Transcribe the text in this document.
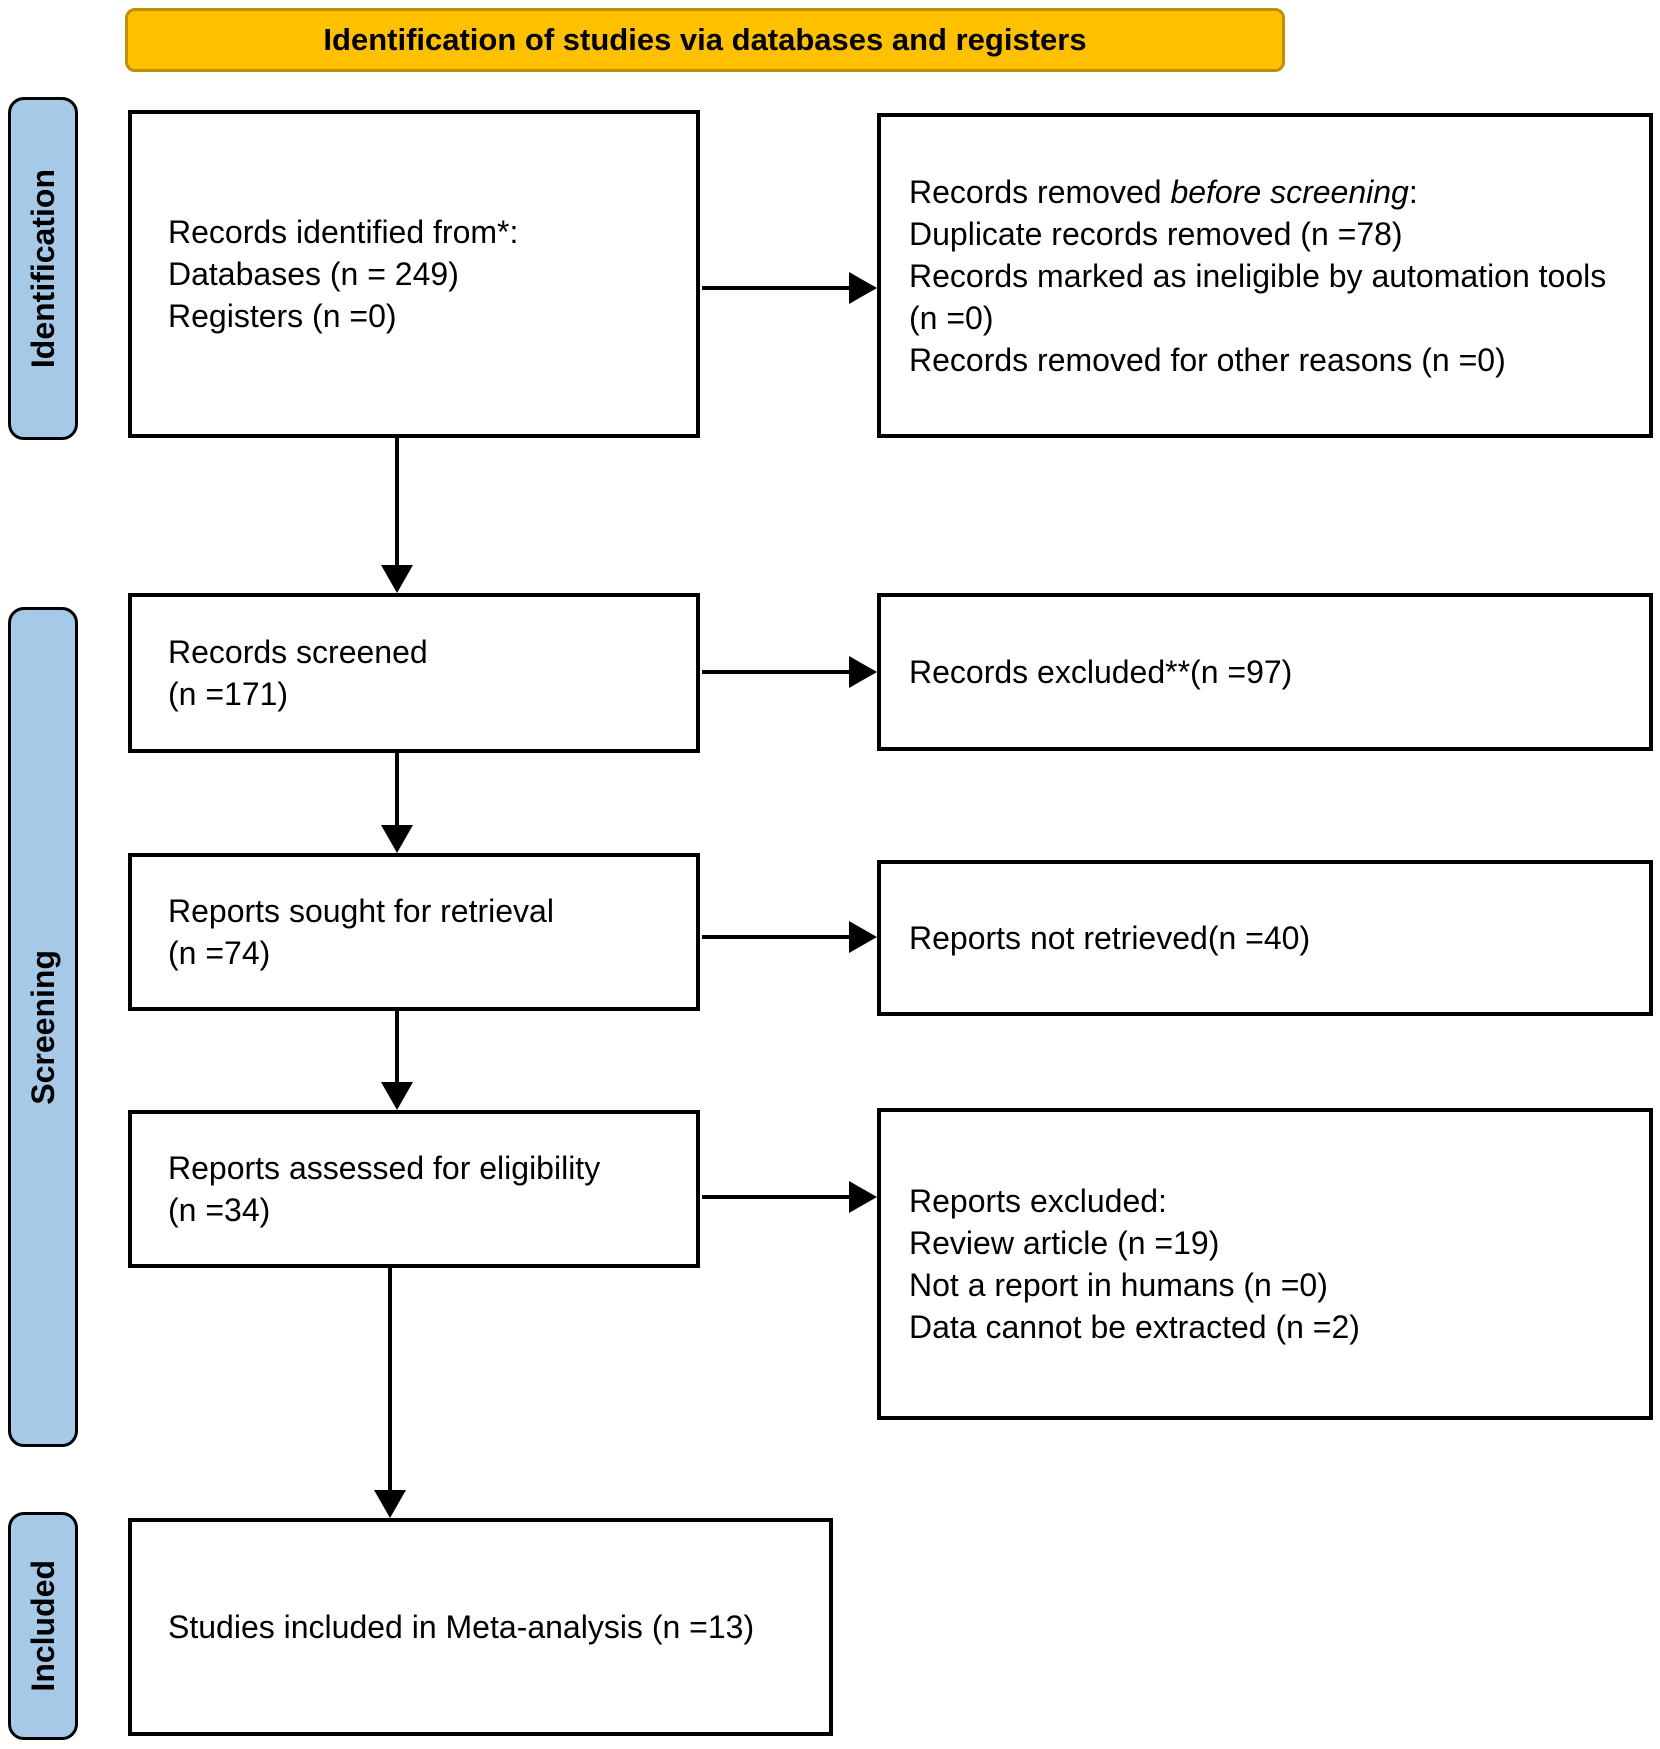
Identification of studies via databases and registers
Identification
Screening
Included
Records identified from*:
Databases (n = 249)
Registers (n =0)
Records screened
(n =171)
Reports sought for retrieval
(n =74)
Reports assessed for eligibility
(n =34)
Studies included in Meta-analysis (n =13)
Records removed before screening:
Duplicate records removed (n =78)
Records marked as ineligible by automation tools (n =0)
Records removed for other reasons (n =0)
Records excluded**(n =97)
Reports not retrieved(n =40)
Reports excluded:
Review article (n =19)
Not a report in humans (n =0)
Data cannot be extracted (n =2)
